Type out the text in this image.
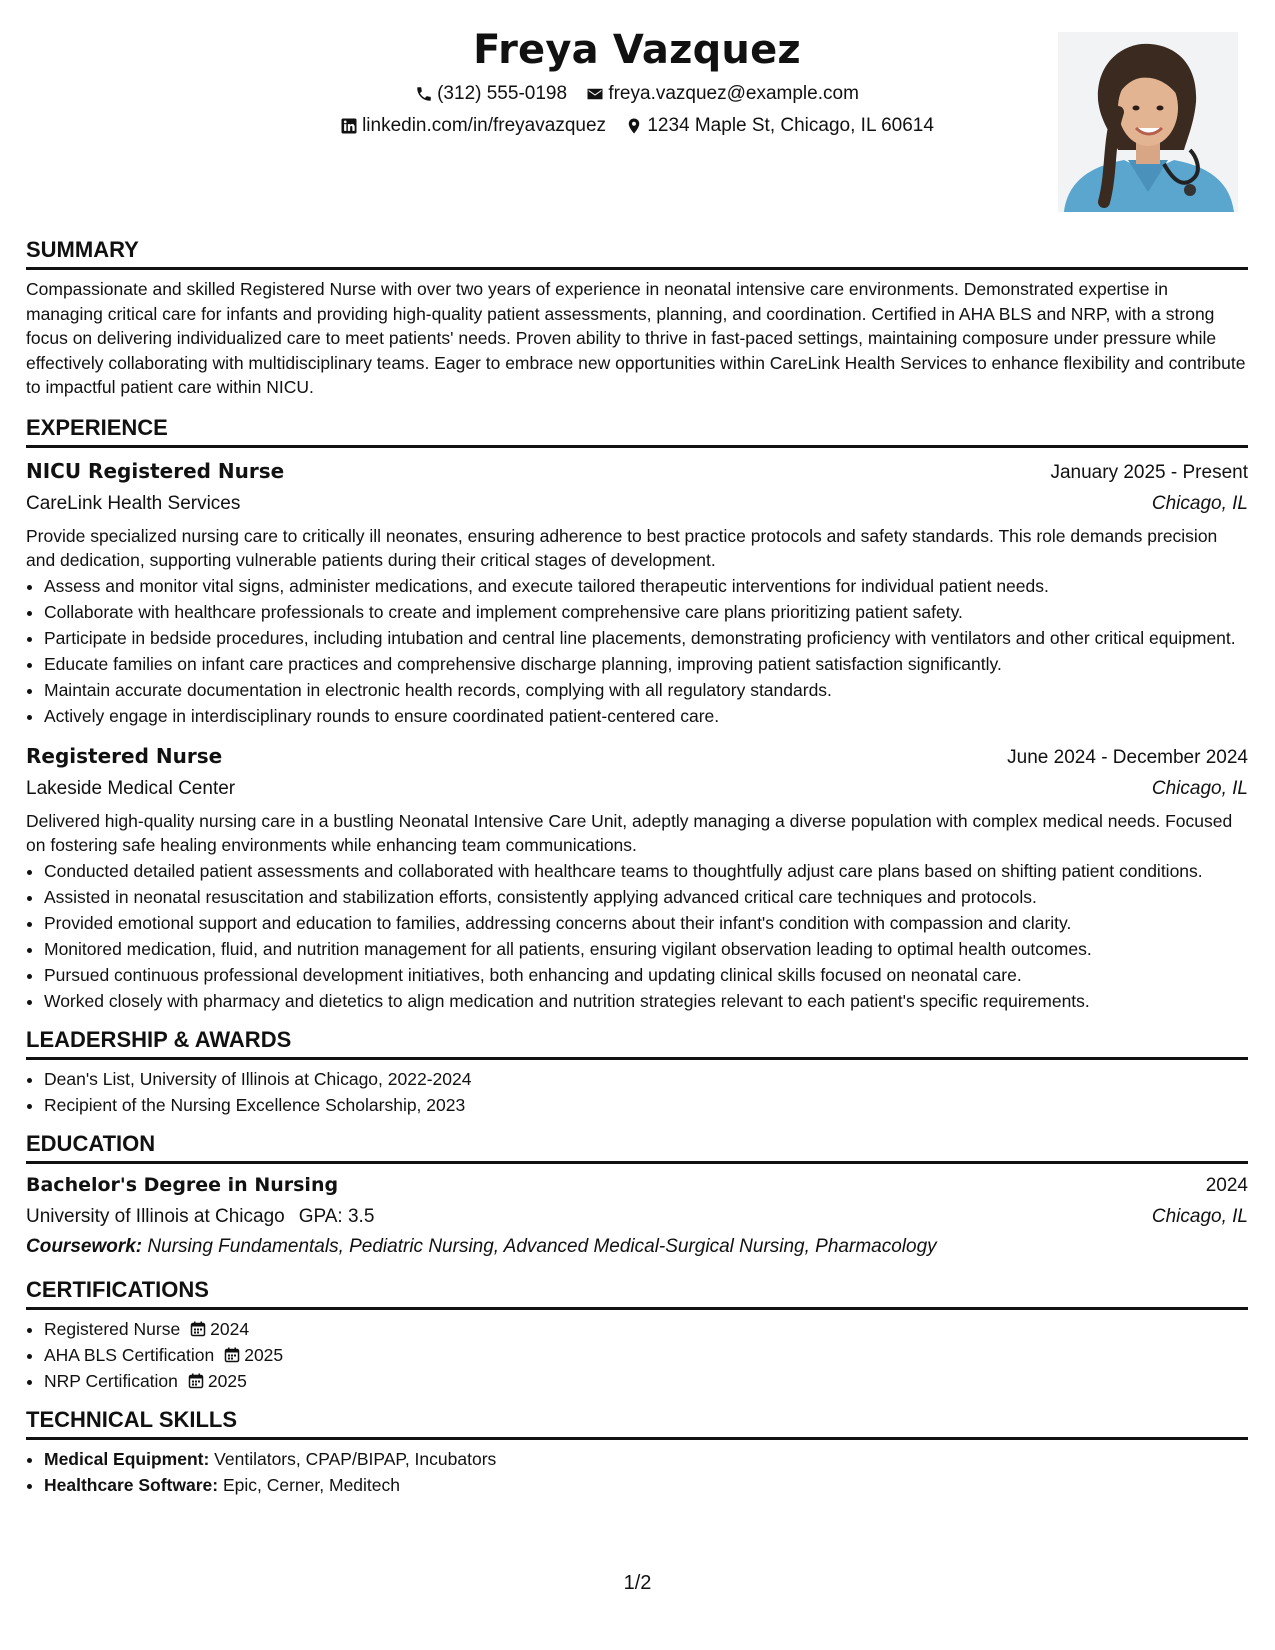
Freya Vazquez
(312) 555-0198
freya.vazquez@example.com
linkedin.com/in/freyavazquez
1234 Maple St, Chicago, IL 60614
SUMMARY

Compassionate and skilled Registered Nurse with over two years of experience in neonatal intensive care environments. Demonstrated expertise in managing critical care for infants and providing high-quality patient assessments, planning, and coordination. Certified in AHA BLS and NRP, with a strong focus on delivering individualized care to meet patients' needs. Proven ability to thrive in fast-paced settings, maintaining composure under pressure while effectively collaborating with multidisciplinary teams. Eager to embrace new opportunities within CareLink Health Services to enhance flexibility and contribute to impactful patient care within NICU.

EXPERIENCE
NICU Registered Nurse	January 2025 - Present
CareLink Health Services	Chicago, IL
Provide specialized nursing care to critically ill neonates, ensuring adherence to best practice protocols and safety standards. This role demands precision and dedication, supporting vulnerable patients during their critical stages of development.
• Assess and monitor vital signs, administer medications, and execute tailored therapeutic interventions for individual patient needs.
• Collaborate with healthcare professionals to create and implement comprehensive care plans prioritizing patient safety.
• Participate in bedside procedures, including intubation and central line placements, demonstrating proficiency with ventilators and other critical equipment.
• Educate families on infant care practices and comprehensive discharge planning, improving patient satisfaction significantly.
• Maintain accurate documentation in electronic health records, complying with all regulatory standards.
• Actively engage in interdisciplinary rounds to ensure coordinated patient-centered care.
Registered Nurse	June 2024 - December 2024
Lakeside Medical Center	Chicago, IL
Delivered high-quality nursing care in a bustling Neonatal Intensive Care Unit, adeptly managing a diverse population with complex medical needs. Focused on fostering safe healing environments while enhancing team communications.
• Conducted detailed patient assessments and collaborated with healthcare teams to thoughtfully adjust care plans based on shifting patient conditions.
• Assisted in neonatal resuscitation and stabilization efforts, consistently applying advanced critical care techniques and protocols.
• Provided emotional support and education to families, addressing concerns about their infant's condition with compassion and clarity.
• Monitored medication, fluid, and nutrition management for all patients, ensuring vigilant observation leading to optimal health outcomes.
• Pursued continuous professional development initiatives, both enhancing and updating clinical skills focused on neonatal care.
• Worked closely with pharmacy and dietetics to align medication and nutrition strategies relevant to each patient's specific requirements.
LEADERSHIP & AWARDS
• Dean's List, University of Illinois at Chicago, 2022-2024
• Recipient of the Nursing Excellence Scholarship, 2023
EDUCATION
Bachelor's Degree in Nursing	2024
University of Illinois at Chicago GPA: 3.5	Chicago, IL
Coursework: Nursing Fundamentals, Pediatric Nursing, Advanced Medical-Surgical Nursing, Pharmacology
CERTIFICATIONS
• Registered Nurse 2024
• AHA BLS Certification 2025
• NRP Certification 2025
TECHNICAL SKILLS
• Medical Equipment: Ventilators, CPAP/BIPAP, Incubators
• Healthcare Software: Epic, Cerner, Meditech
1/2
